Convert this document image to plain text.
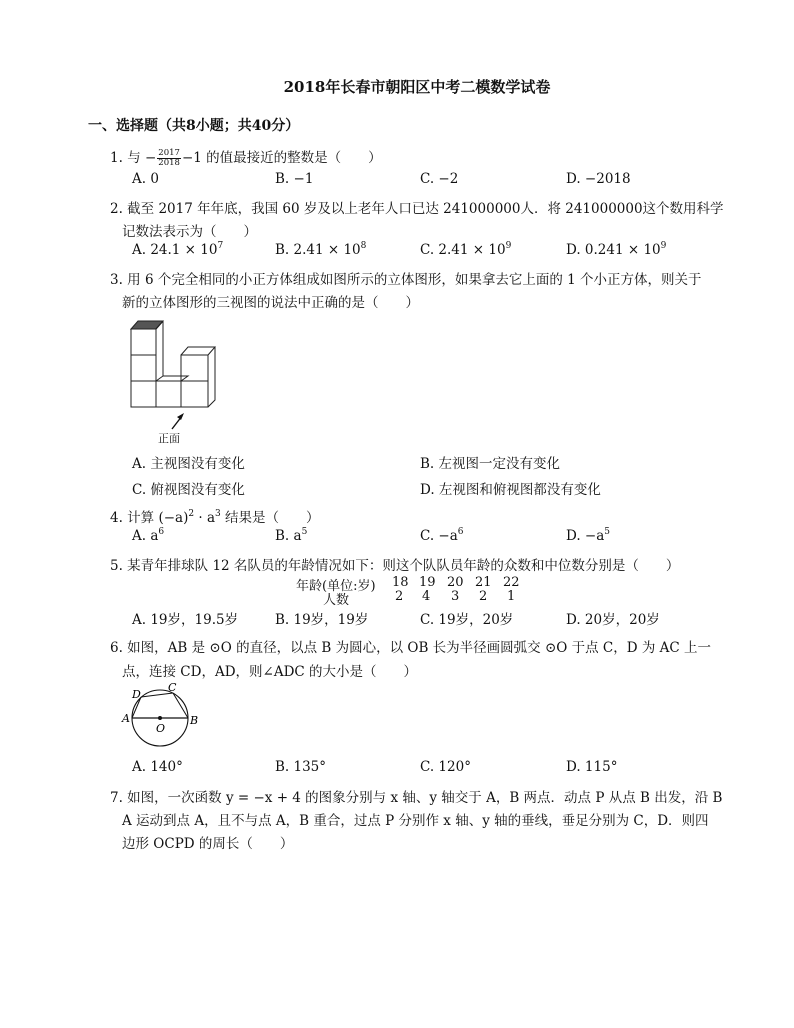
2018年长春市朝阳区中考二模数学试卷
一、选择题（共8小题；共40分）
1. 与 − $\frac{2017}{2018} -1$ 的值最接近的整数是（　　）
A. 0	B. −1	C. −2	D. −2018
2. 截至 2017 年年底，我国 60 岁及以上老年人口已达 241000000人．将 241000000这个数用科学
记数法表示为（　　）
A. $24.1 \times 10^7$	B. $2.41 \times 10^8$	C. $2.41 \times 10^9$	D. $0.241 \times 10^9$
3. 用 6 个完全相同的小正方体组成如图所示的立体图形，如果拿去它上面的 1 个小正方体，则关于
新的立体图形的三视图的说法中正确的是（　　）
正面
A. 主视图没有变化	B. 左视图一定没有变化
C. 俯视图没有变化	D. 左视图和俯视图都没有变化
4. 计算 $(-a)^2 \cdot a^3$ 结果是（　　）
A. $a^6$	B. $a^5$	C. $-a^6$	D. $-a^5$
5. 某青年排球队 12 名队员的年龄情况如下：则这个队队员年龄的众数和中位数分别是（　　）
年龄(单位:岁) 18 19 20 21 22
人数	2 4 3 2 1
A. 19岁，19.5岁	B. 19岁，19岁	C. 19岁，20岁	D. 20岁，20岁
6. 如图，AB 是 ⊙O 的直径，以点 B 为圆心，以 OB 长为半径画圆弧交 ⊙O 于点 C，D 为 AC 上一
点，连接 CD，AD，则∠ADC 的大小是（　　）
A	B
C
D
O
A. 140°	B. 135°	C. 120°	D. 115°
7. 如图，一次函数 y = −x + 4 的图象分别与 x 轴、y 轴交于 A，B 两点．动点 P 从点 B 出发，沿 B
A 运动到点 A，且不与点 A，B 重合，过点 P 分别作 x 轴、y 轴的垂线，垂足分别为 C，D．则四
边形 OCPD 的周长（　　）
